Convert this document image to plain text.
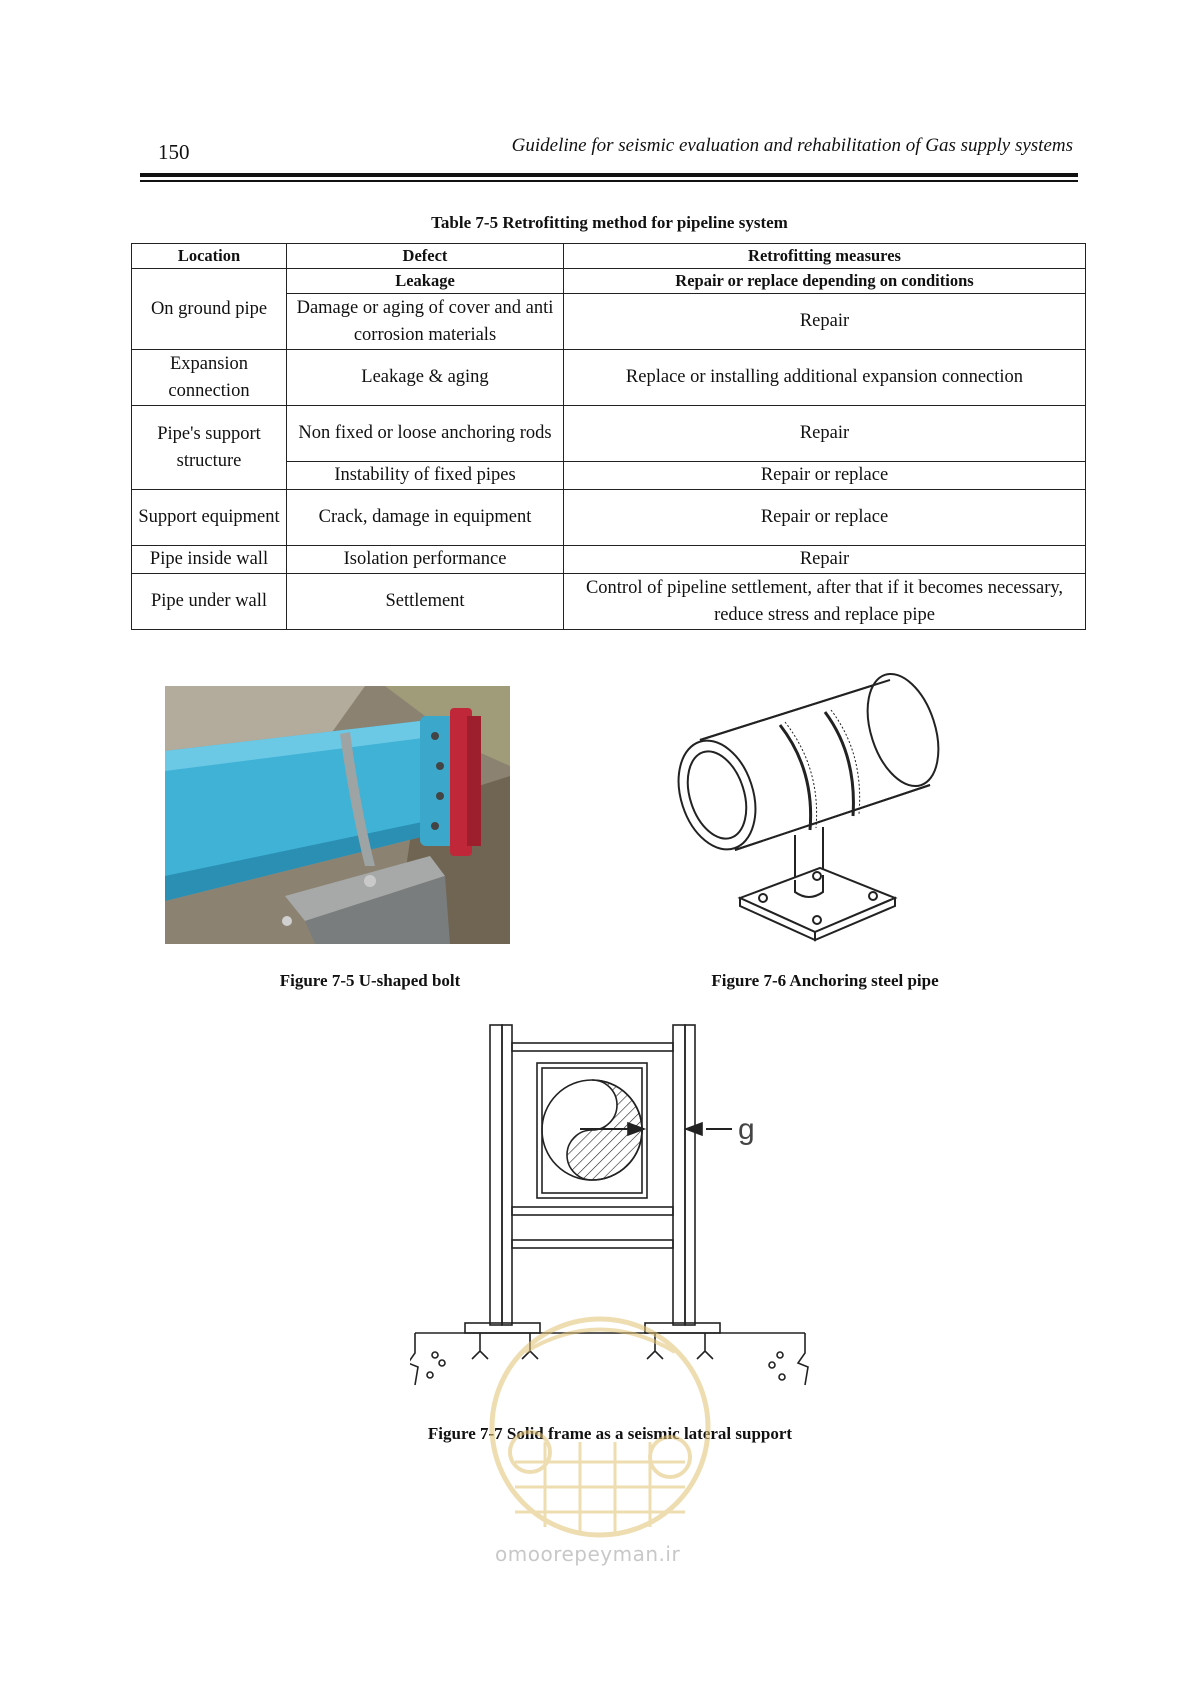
150	Guideline for seismic evaluation and rehabilitation of Gas supply systems
Table 7-5 Retrofitting method for pipeline system
Location	Defect	Retrofitting measures
On ground pipe	Leakage	Repair or replace depending on conditions
	Damage or aging of cover and anti corrosion materials	Repair
Expansion connection	Leakage & aging	Replace or installing additional expansion connection
Pipe's support structure	Non fixed or loose anchoring rods	Repair
	Instability of fixed pipes	Repair or replace
Support equipment	Crack, damage in equipment	Repair or replace
Pipe inside wall	Isolation performance	Repair
Pipe under wall	Settlement	Control of pipeline settlement, after that if it becomes necessary, reduce stress and replace pipe
Figure 7-5 U-shaped bolt	Figure 7-6 Anchoring steel pipe
g
Figure 7-7 Solid frame as a seismic lateral support
omoorepeyman.ir
